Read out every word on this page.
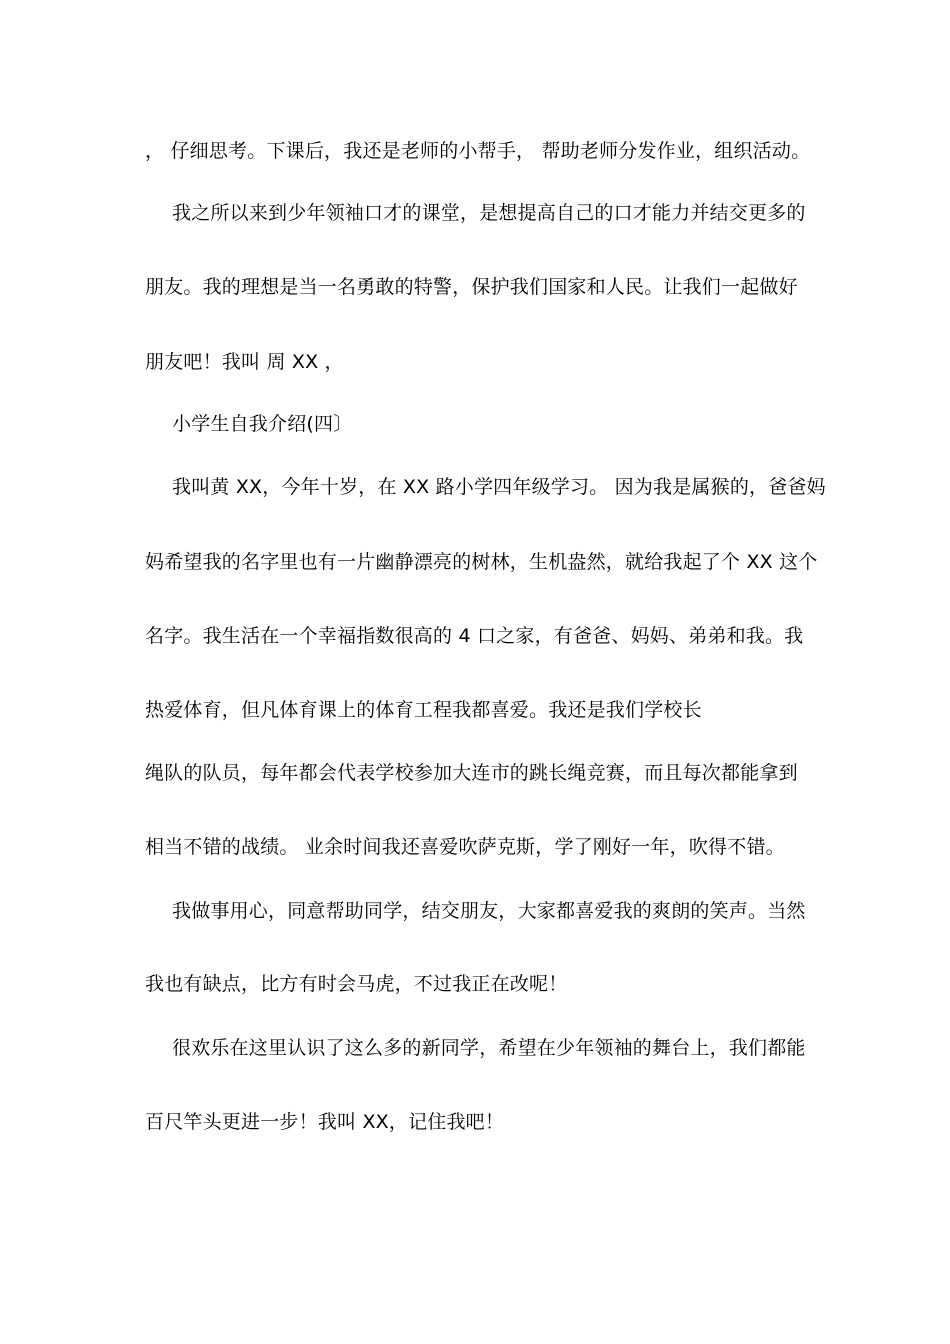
， 仔细思考。下课后，我还是老师的小帮手， 帮助老师分发作业，组织活动。
我之所以来到少年领袖口才的课堂，是想提高自己的口才能力并结交更多的
朋友。我的理想是当一名勇敢的特警，保护我们国家和人民。让我们一起做好
朋友吧！我叫 周 XX ，
小学生自我介绍(四〕
我叫黄 XX，今年十岁，在 XX 路小学四年级学习。 因为我是属猴的，爸爸妈
妈希望我的名字里也有一片幽静漂亮的树林，生机盎然，就给我起了个 XX 这个
名字。我生活在一个幸福指数很高的 4 口之家，有爸爸、妈妈、弟弟和我。我
热爱体育，但凡体育课上的体育工程我都喜爱。我还是我们学校长
绳队的队员，每年都会代表学校参加大连市的跳长绳竞赛，而且每次都能拿到
相当不错的战绩。 业余时间我还喜爱吹萨克斯，学了刚好一年，吹得不错。
我做事用心，同意帮助同学，结交朋友，大家都喜爱我的爽朗的笑声。当然
我也有缺点，比方有时会马虎，不过我正在改呢！
很欢乐在这里认识了这么多的新同学，希望在少年领袖的舞台上，我们都能
百尺竿头更进一步！我叫 XX，记住我吧！
